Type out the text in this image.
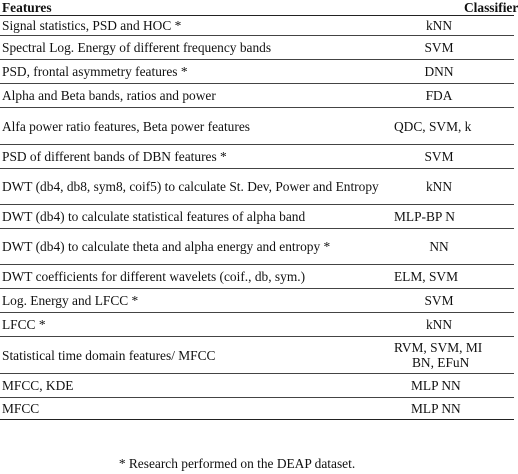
Features	Classifier
Signal statistics, PSD and HOC *	kNN

Spectral Log. Energy of different frequency bands	SVM

PSD, frontal asymmetry features *	DNN

Alpha and Beta bands, ratios and power	FDA

Alfa power ratio features, Beta power features	QDC, SVM, k

PSD of different bands of DBN features *	SVM

DWT (db4, db8, sym8, coif5) to calculate St. Dev, Power and Entropy	kNN

DWT (db4) to calculate statistical features of alpha band	MLP-BP N

DWT (db4) to calculate theta and alpha energy and entropy *	NN

DWT coefficients for different wavelets (coif., db, sym.)	ELM, SVM

Log. Energy and LFCC *	SVM

LFCC *	kNN

Statistical time domain features/ MFCC	RVM, SVM, MI
BN, EFuN

MFCC, KDE	MLP NN

MFCC	MLP NN
* Research performed on the DEAP dataset.
